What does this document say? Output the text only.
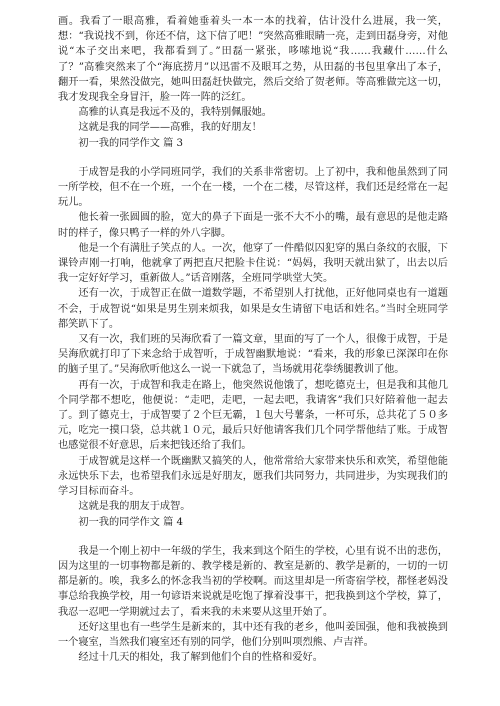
画。我看了一眼高雅，看着她垂着头一本一本的找着，估计没什么进展，我一笑，想：“我说找不到，你还不信，这下信了吧！”突然高雅眼睛一亮，走到田磊身旁，对他说“本子交出来吧，我都看到了。”田磊一紧张，哆嗦地说“我……我藏什……什么了？”高雅突然来了个“海底捞月”以迅雷不及眼耳之势，从田磊的书包里拿出了本子，翻开一看，果然没做完，她叫田磊赶快做完，然后交给了贺老师。等高雅做完这一切，我才发现我全身冒汗，脸一阵一阵的泛红。

高雅的认真是我远不及的，我特别佩服她。

这就是我的同学——高雅，我的好朋友！

初一我的同学作文 篇 3

于成智是我的小学同班同学，我们的关系非常密切。上了初中，我和他虽然到了同一所学校，但不在一个班，一个在一楼，一个在二楼，尽管这样，我们还是经常在一起玩儿。

他长着一张圆圆的脸，宽大的鼻子下面是一张不大不小的嘴，最有意思的是他走路时的样子，像只鸭子一样的外八字脚。

他是一个有满肚子笑点的人。一次，他穿了一件酷似囚犯穿的黑白条纹的衣服，下课铃声刚一打响，他就拿了两把直尺把脸卡住说：“妈妈，我明天就出狱了，出去以后我一定好好学习，重新做人。”话音刚落，全班同学哄堂大笑。

还有一次，于成智正在做一道数学题，不希望别人打扰他，正好他同桌也有一道题不会，于成智说“如果是男生别来烦我，如果是女生请留下电话和姓名。”当时全班同学都笑趴下了。

又有一次，我们班的吴海欣看了一篇文章，里面的写了一个人，很像于成智，于是吴海欣就打印了下来念给于成智听，于成智幽默地说：“看来，我的形象已深深印在你的脑子里了。”吴海欣听他这么一说一下就急了，当场就用花拳绣腿教训了他。

再有一次，于成智和我走在路上，他突然说他饿了，想吃德克士，但是我和其他几个同学都不想吃，他便说：“走吧，走吧，一起去吧，我请客”我们只好陪着他一起去了。到了德克士，于成智要了２个巨无霸，１包大号薯条，一杯可乐，总共花了５０多元，吃完一摸口袋，总共就１０元，最后只好他请客我们几个同学帮他结了账。于成智也感觉很不好意思，后来把钱还给了我们。

于成智就是这样一个既幽默又搞笑的人，他常常给大家带来快乐和欢笑，希望他能永远快乐下去，也希望我们永远是好朋友，愿我们共同努力，共同进步，为实现我们的学习目标而奋斗。

这就是我的朋友于成智。

初一我的同学作文 篇 4

我是一个刚上初中一年级的学生，我来到这个陌生的学校，心里有说不出的悲伤，因为这里的一切事物都是新的、教学楼是新的、教室是新的、教学是新的，一切的一切都是新的。唉，我多么的怀念我当初的学校啊。而这里却是一所寄宿学校，都怪老妈没事总给我换学校，用一句谚语来说就是吃饱了撑着没事干，把我换到这个学校，算了，我忍一忍吧一学期就过去了，看来我的未来要从这里开始了。

还好这里也有一些学生是新来的，其中还有我的老乡，他叫姜国强，他和我被换到一个寝室，当然我们寝室还有别的同学，他们分别叫项烈熊、卢吉祥。

经过十几天的相处，我了解到他们个自的性格和爱好。
